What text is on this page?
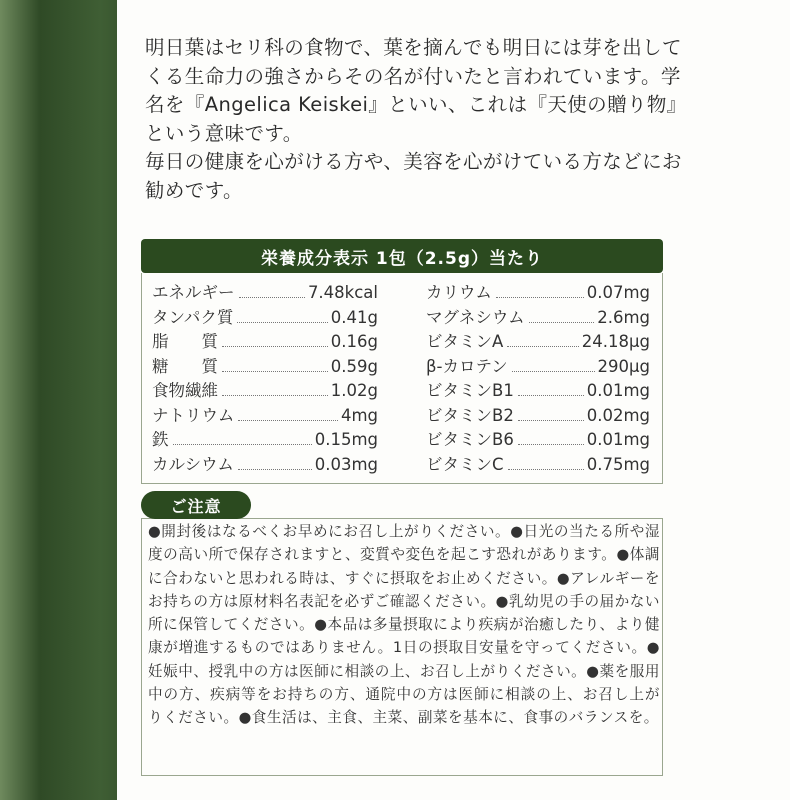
明日葉はセリ科の食物で、葉を摘んでも明日には芽を出してくる生命力の強さからその名が付いたと言われています。学名を『Angelica Keiskei』といい、これは『天使の贈り物』という意味です。

毎日の健康を心がける方や、美容を心がけている方などにお勧めです。

栄養成分表示 1包（2.5g）当たり
エネルギー	7.48kcal
タンパク質	0.41g
脂　　質	0.16g
糖　　質	0.59g
食物繊維	1.02g
ナトリウム	4mg
鉄	0.15mg
カルシウム	0.03mg
カリウム	0.07mg
マグネシウム	2.6mg
ビタミンA	24.18μg
β-カロテン	290μg
ビタミンB1	0.01mg
ビタミンB2	0.02mg
ビタミンB6	0.01mg
ビタミンC	0.75mg
ご注意

●開封後はなるべくお早めにお召し上がりください。●日光の当たる所や湿度の高い所で保存されますと、変質や変色を起こす恐れがあります。●体調に合わないと思われる時は、すぐに摂取をお止めください。●アレルギーをお持ちの方は原材料名表記を必ずご確認ください。●乳幼児の手の届かない所に保管してください。●本品は多量摂取により疾病が治癒したり、より健康が増進するものではありません。1日の摂取目安量を守ってください。●妊娠中、授乳中の方は医師に相談の上、お召し上がりください。●薬を服用中の方、疾病等をお持ちの方、通院中の方は医師に相談の上、お召し上がりください。●食生活は、主食、主菜、副菜を基本に、食事のバランスを。
